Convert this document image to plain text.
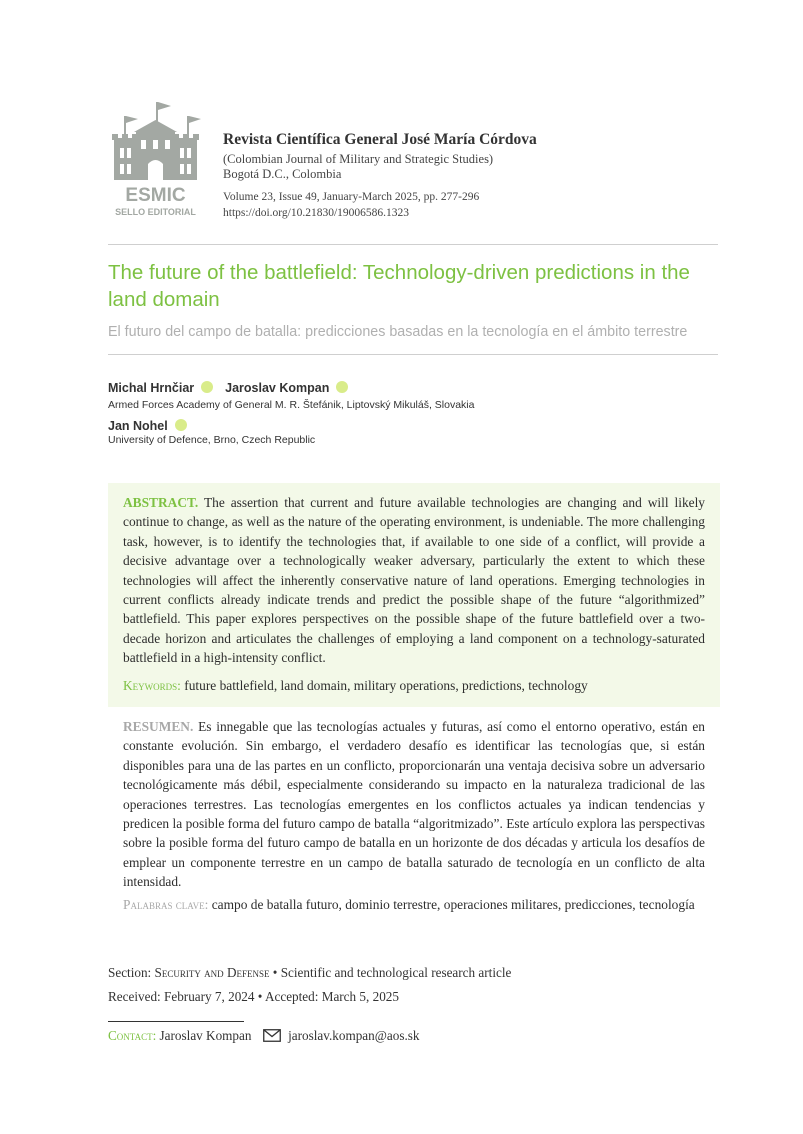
ESMIC
SELLO EDITORIAL
Revista Científica General José María Córdova
(Colombian Journal of Military and Strategic Studies)
Bogotá D.C., Colombia
Volume 23, Issue 49, January-March 2025, pp. 277-296
https://doi.org/10.21830/19006586.1323
The future of the battlefield: Technology-driven predictions in the land domain
El futuro del campo de batalla: predicciones basadas en la tecnología en el ámbito terrestre
Michal Hrnčiar Jaroslav Kompan
Armed Forces Academy of General M. R. Štefánik, Liptovský Mikuláš, Slovakia
Jan Nohel
University of Defence, Brno, Czech Republic
ABSTRACT. The assertion that current and future available technologies are changing and will likely continue to change, as well as the nature of the operating environment, is undeniable. The more challenging task, however, is to identify the technologies that, if available to one side of a conflict, will provide a decisive advantage over a technologically weaker adversary, particularly the extent to which these technologies will affect the inherently conservative nature of land operations. Emerging technologies in current conflicts already indicate trends and predict the possible shape of the future “algorithmized” battlefield. This paper explores perspectives on the possible shape of the future battlefield over a two-decade horizon and articulates the challenges of employing a land component on a technology-saturated battlefield in a high-intensity conflict.
Keywords: future battlefield, land domain, military operations, predictions, technology
RESUMEN. Es innegable que las tecnologías actuales y futuras, así como el entorno operativo, están en constante evolución. Sin embargo, el verdadero desafío es identificar las tecnologías que, si están disponibles para una de las partes en un conflicto, proporcionarán una ventaja decisiva sobre un adversario tecnológicamente más débil, especialmente considerando su impacto en la naturaleza tradicional de las operaciones terrestres. Las tecnologías emergentes en los conflictos actuales ya indican tendencias y predicen la posible forma del futuro campo de batalla “algoritmizado”. Este artículo explora las perspectivas sobre la posible forma del futuro campo de batalla en un horizonte de dos décadas y articula los desafíos de emplear un componente terrestre en un campo de batalla saturado de tecnología en un conflicto de alta intensidad.
Palabras clave: campo de batalla futuro, dominio terrestre, operaciones militares, predicciones, tecnología
Section: Security and Defense • Scientific and technological research article
Received: February 7, 2024 • Accepted: March 5, 2025
Contact: Jaroslav Kompan	jaroslav.kompan@aos.sk
